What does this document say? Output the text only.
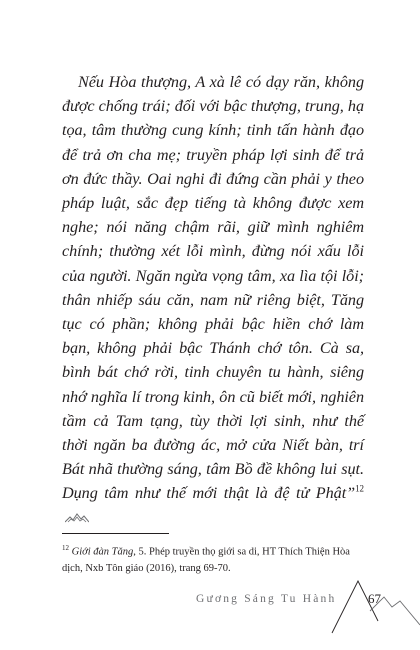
Nếu Hòa thượng, A xà lê có dạy răn, không được chống trái; đối với bậc thượng, trung, hạ tọa, tâm thường cung kính; tinh tấn hành đạo để trả ơn cha mẹ; truyền pháp lợi sinh để trả ơn đức thầy. Oai nghi đi đứng cần phải y theo pháp luật, sắc đẹp tiếng tà không được xem nghe; nói năng chậm rãi, giữ mình nghiêm chính; thường xét lỗi mình, đừng nói xấu lỗi của người. Ngăn ngừa vọng tâm, xa lìa tội lỗi; thân nhiếp sáu căn, nam nữ riêng biệt, Tăng tục có phần; không phải bậc hiền chớ làm bạn, không phải bậc Thánh chớ tôn. Cà sa, bình bát chớ rời, tinh chuyên tu hành, siêng nhớ nghĩa lí trong kinh, ôn cũ biết mới, nghiên tầm cả Tam tạng, tùy thời lợi sinh, như thế thời ngăn ba đường ác, mở cửa Niết bàn, trí Bát nhã thường sáng, tâm Bồ đề không lui sụt. Dụng tâm như thế mới thật là đệ tử Phật”$^{12}$

$^{12}$ Giới đàn Tăng, 5. Phép truyền thọ giới sa di, HT Thích Thiện Hòa dịch, Nxb Tôn giáo (2016), trang 69-70.
Gương Sáng Tu Hành 67
